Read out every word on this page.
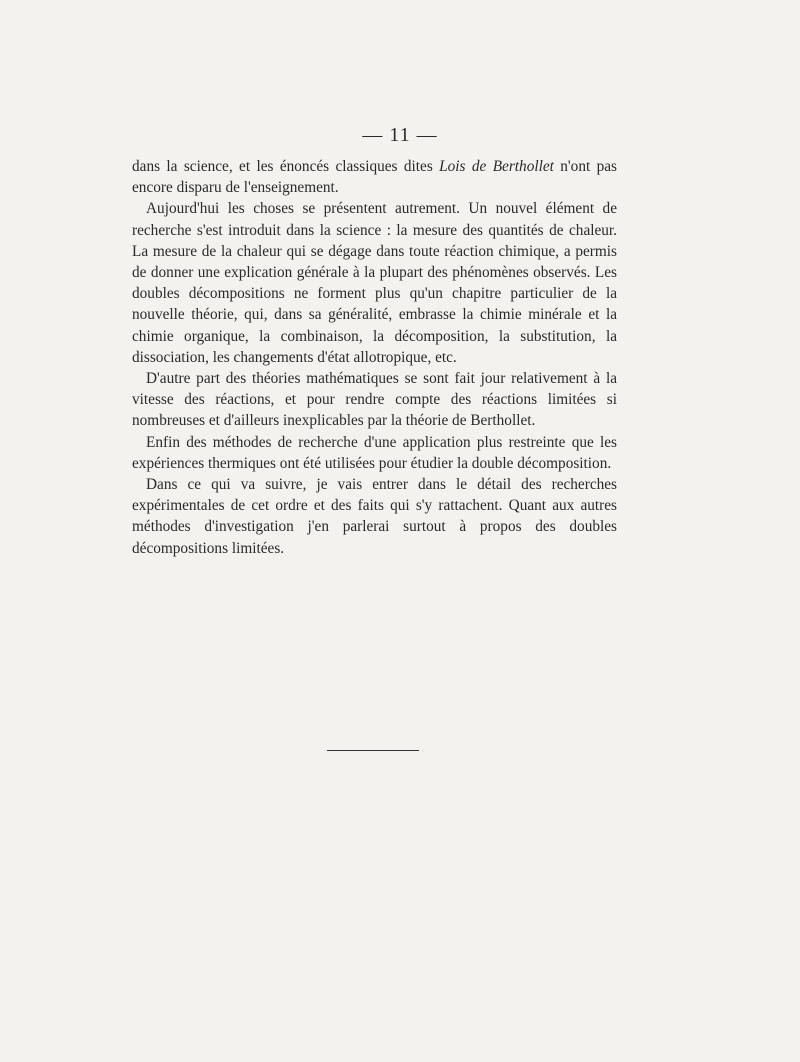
— 11 —

dans la science, et les énoncés classiques dites Lois de Berthollet n'ont pas encore disparu de l'enseignement.

Aujourd'hui les choses se présentent autrement. Un nouvel élément de recherche s'est introduit dans la science : la mesure des quantités de chaleur. La mesure de la chaleur qui se dégage dans toute réaction chimique, a permis de donner une explication générale à la plupart des phénomènes observés. Les doubles décompositions ne forment plus qu'un chapitre particulier de la nouvelle théorie, qui, dans sa généralité, embrasse la chimie minérale et la chimie organique, la combinaison, la décomposition, la substitution, la dissociation, les changements d'état allotropique, etc.

D'autre part des théories mathématiques se sont fait jour relativement à la vitesse des réactions, et pour rendre compte des réactions limitées si nombreuses et d'ailleurs inexplicables par la théorie de Berthollet.

Enfin des méthodes de recherche d'une application plus restreinte que les expériences thermiques ont été utilisées pour étudier la double décomposition.

Dans ce qui va suivre, je vais entrer dans le détail des recherches expérimentales de cet ordre et des faits qui s'y rattachent. Quant aux autres méthodes d'investigation j'en parlerai surtout à propos des doubles décompositions limitées.
